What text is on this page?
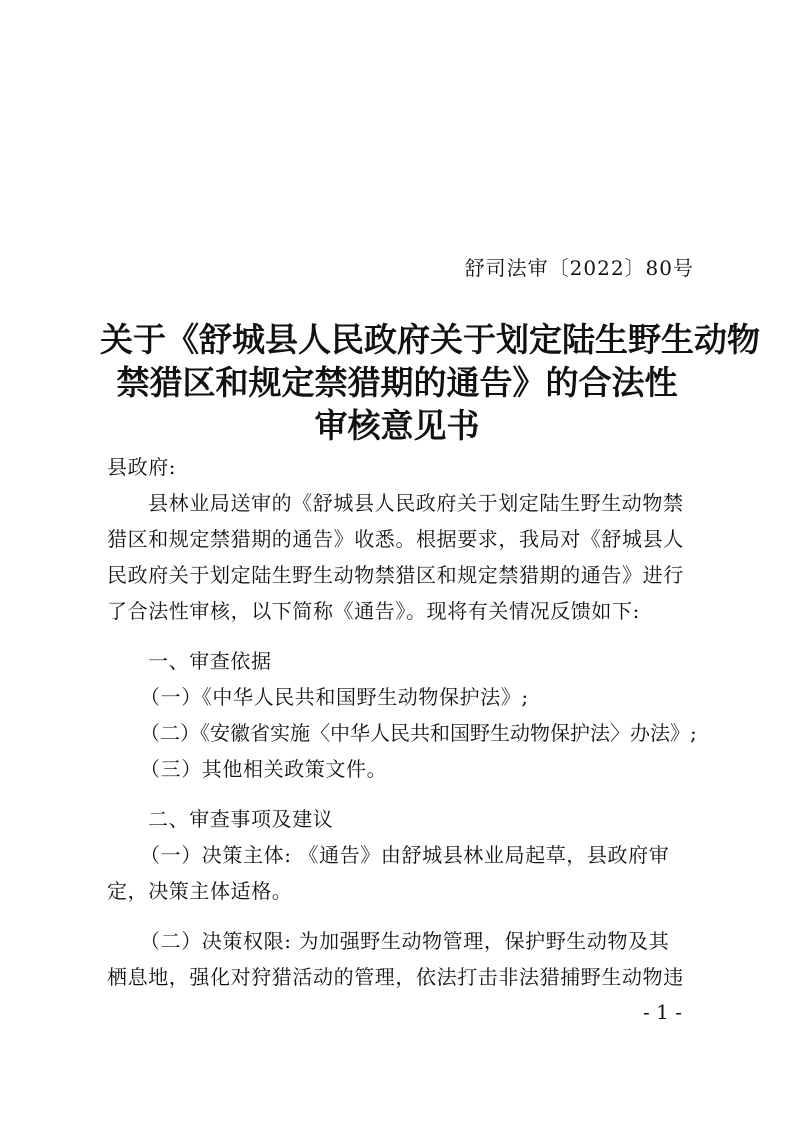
舒司法审〔2022〕80号
关于《舒城县人民政府关于划定陆生野生动物
禁猎区和规定禁猎期的通告》的合法性
审核意见书
县政府:
县林业局送审的《舒城县人民政府关于划定陆生野生动物禁
猎区和规定禁猎期的通告》收悉。根据要求，我局对《舒城县人
民政府关于划定陆生野生动物禁猎区和规定禁猎期的通告》进行
了合法性审核，以下简称《通告》。现将有关情况反馈如下:
一、审查依据
（一）《中华人民共和国野生动物保护法》;
（二）《安徽省实施〈中华人民共和国野生动物保护法〉办法》;
（三）其他相关政策文件。
二、审查事项及建议
（一）决策主体: 《通告》由舒城县林业局起草，县政府审
定，决策主体适格。
（二）决策权限: 为加强野生动物管理，保护野生动物及其
栖息地，强化对狩猎活动的管理，依法打击非法猎捕野生动物违
- 1 -
